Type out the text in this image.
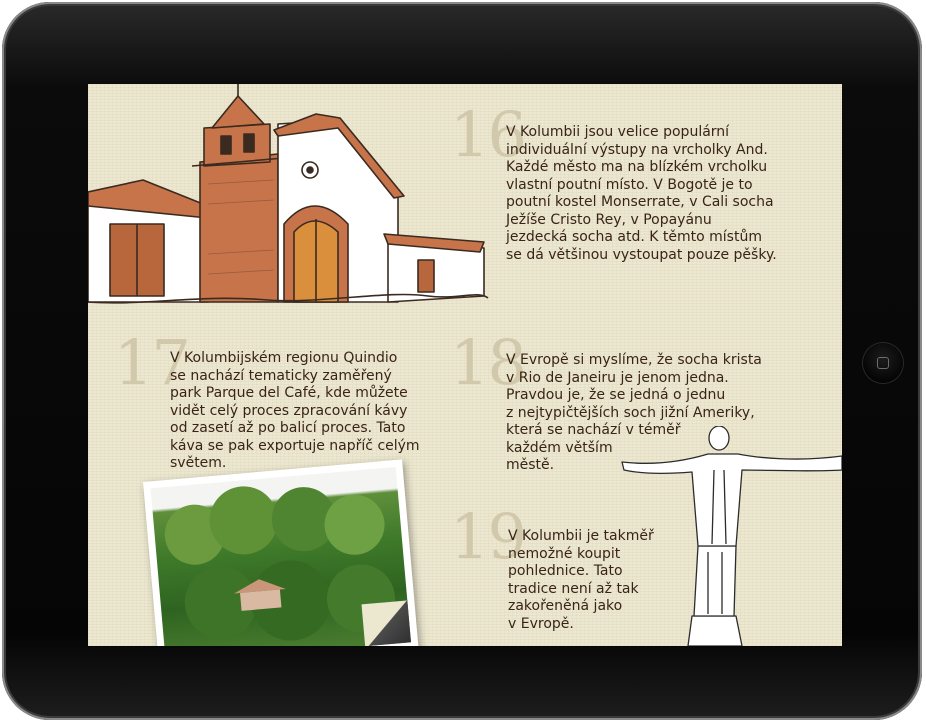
16

V Kolumbii jsou velice populární
individuální výstupy na vrcholky And.
Každé město ma na blízkém vrcholku
vlastní poutní místo. V Bogotě je to
poutní kostel Monserrate, v Cali socha
Ježíše Cristo Rey, v Popayánu
jezdecká socha atd. K těmto místům
se dá většinou vystoupat pouze pěšky.

17

V Kolumbijském regionu Quindio
se nachází tematicky zaměřený
park Parque del Café, kde můžete
vidět celý proces zpracování kávy
od zasetí až po balicí proces. Tato
káva se pak exportuje napříč celým
světem.

18

V Evropě si myslíme, že socha krista
v Rio de Janeiru je jenom jedna.
Pravdou je, že se jedná o jednu
z nejtypičtějších soch jižní Ameriky,
která se nachází v téměř
každém větším
městě.

19

V Kolumbii je takměř
nemožné koupit
pohlednice. Tato
tradice není až tak
zakořeněná jako
v Evropě.
